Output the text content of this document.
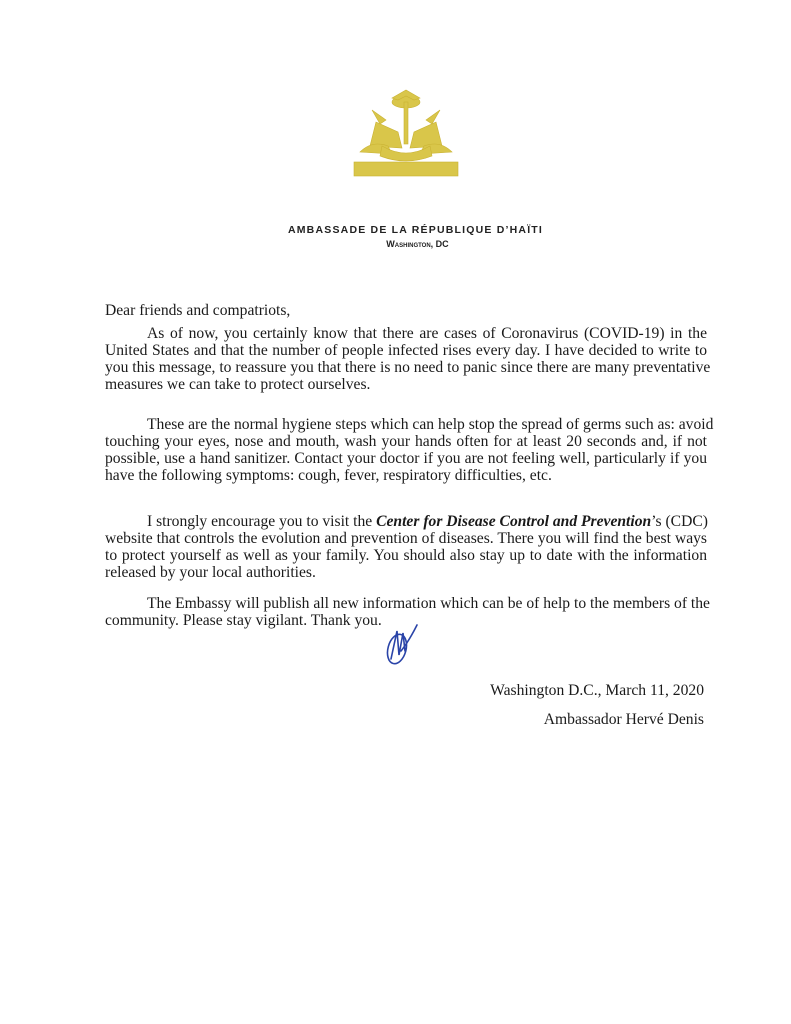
AMBASSADE DE LA RÉPUBLIQUE D’HAÏTI
Washington, DC
Dear friends and compatriots,
As of now, you certainly know that there are cases of Coronavirus (COVID-19) in the
United States and that the number of people infected rises every day. I have decided to write to
you this message, to reassure you that there is no need to panic since there are many preventative
measures we can take to protect ourselves.
These are the normal hygiene steps which can help stop the spread of germs such as: avoid
touching your eyes, nose and mouth, wash your hands often for at least 20 seconds and, if not
possible, use a hand sanitizer. Contact your doctor if you are not feeling well, particularly if you
have the following symptoms: cough, fever, respiratory difficulties, etc.
I strongly encourage you to visit the Center for Disease Control and Prevention’s (CDC)
website that controls the evolution and prevention of diseases. There you will find the best ways
to protect yourself as well as your family. You should also stay up to date with the information
released by your local authorities.
The Embassy will publish all new information which can be of help to the members of the
community. Please stay vigilant. Thank you.
Washington D.C., March 11, 2020
Ambassador Hervé Denis
